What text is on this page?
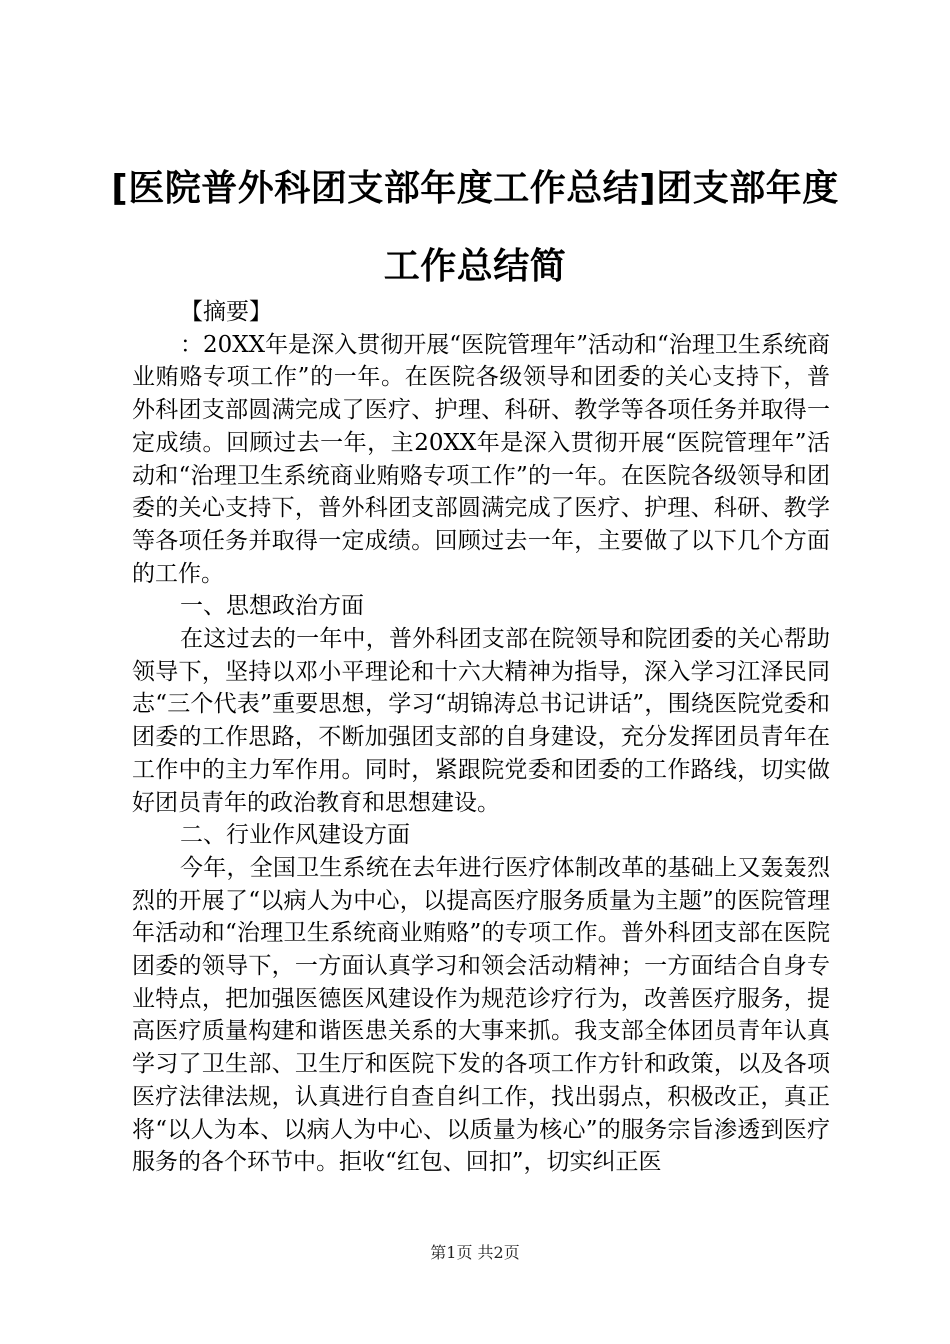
[医院普外科团支部年度工作总结]团支部年度工作总结简

【摘要】

：20XX年是深入贯彻开展“医院管理年”活动和“治理卫生系统商业贿赂专项工作”的一年。在医院各级领导和团委的关心支持下，普外科团支部圆满完成了医疗、护理、科研、教学等各项任务并取得一定成绩。回顾过去一年，主20XX年是深入贯彻开展“医院管理年”活动和“治理卫生系统商业贿赂专项工作”的一年。在医院各级领导和团委的关心支持下，普外科团支部圆满完成了医疗、护理、科研、教学等各项任务并取得一定成绩。回顾过去一年，主要做了以下几个方面的工作。

一、思想政治方面

在这过去的一年中，普外科团支部在院领导和院团委的关心帮助领导下，坚持以邓小平理论和十六大精神为指导，深入学习江泽民同志“三个代表”重要思想，学习“胡锦涛总书记讲话”，围绕医院党委和团委的工作思路，不断加强团支部的自身建设，充分发挥团员青年在工作中的主力军作用。同时，紧跟院党委和团委的工作路线，切实做好团员青年的政治教育和思想建设。

二、行业作风建设方面

今年，全国卫生系统在去年进行医疗体制改革的基础上又轰轰烈烈的开展了“以病人为中心，以提高医疗服务质量为主题”的医院管理年活动和“治理卫生系统商业贿赂”的专项工作。普外科团支部在医院团委的领导下，一方面认真学习和领会活动精神；一方面结合自身专业特点，把加强医德医风建设作为规范诊疗行为，改善医疗服务，提高医疗质量构建和谐医患关系的大事来抓。我支部全体团员青年认真学习了卫生部、卫生厅和医院下发的各项工作方针和政策，以及各项医疗法律法规，认真进行自查自纠工作，找出弱点，积极改正，真正将“以人为本、以病人为中心、以质量为核心”的服务宗旨渗透到医疗服务的各个环节中。拒收“红包、回扣”，切实纠正医

第1页 共2页
